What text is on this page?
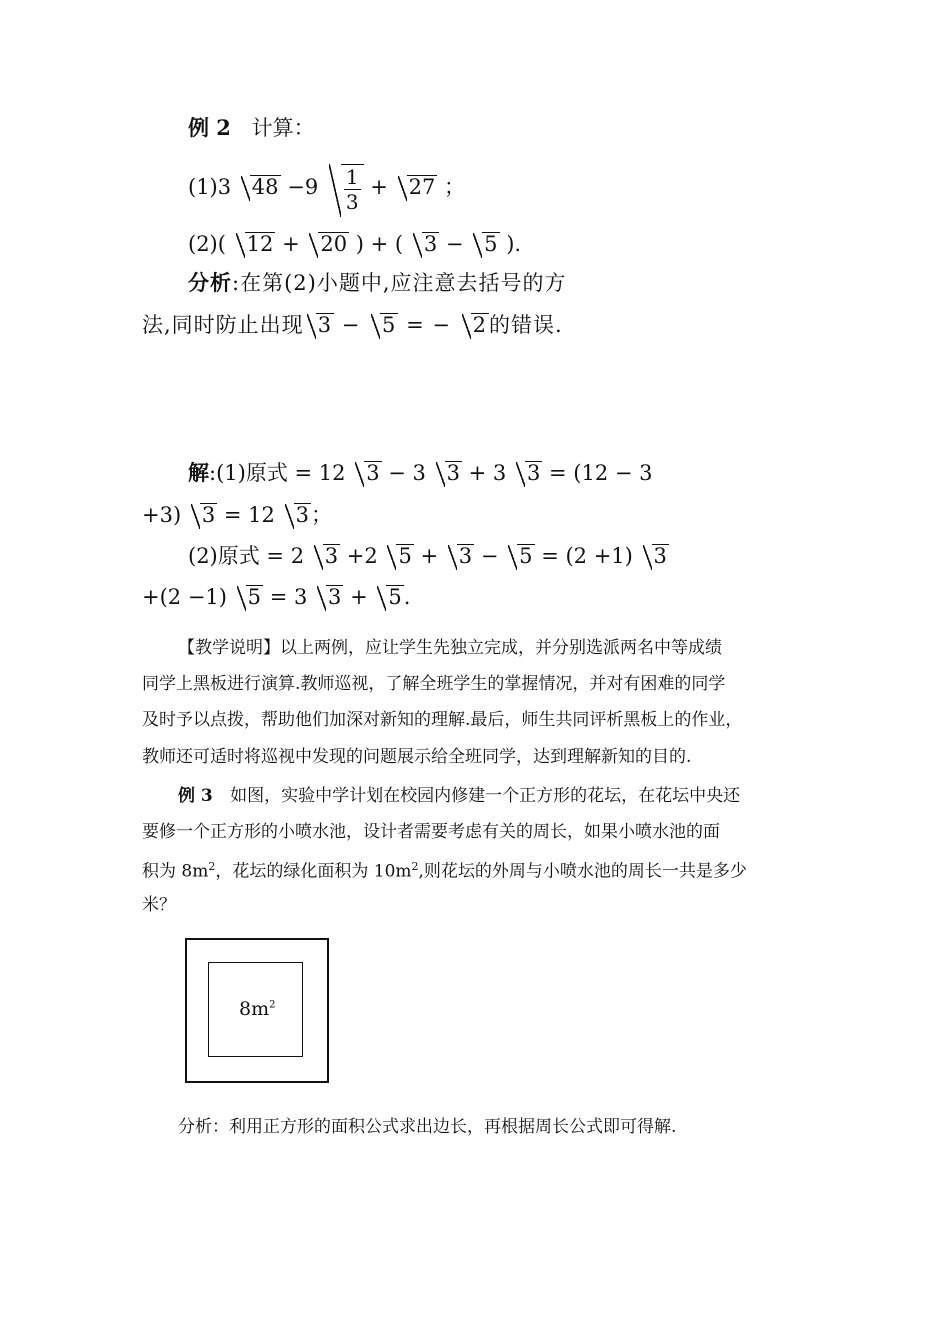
例 2 计算：
(1)3 $48 -9 \frac{1}{3} + 27$ ；
(2)( 12 + 20 ) + ( 3 − 5 ).
分析:在第(2)小题中,应注意去括号的方
法,同时防止出现 3 − 5 = − 2的错误.
解:(1)原式 = 12 3 − 3 3 + 3 3 = (12 − 3
+3) 3 = 12 3；
(2)原式 = 2 3 +2 5 + 3 − 5 = (2 +1) 3
+(2 −1) 5 = 3 3 + 5.
【教学说明】以上两例，应让学生先独立完成，并分别选派两名中等成绩
同学上黑板进行演算.教师巡视，了解全班学生的掌握情况，并对有困难的同学
及时予以点拨，帮助他们加深对新知的理解.最后，师生共同评析黑板上的作业，
教师还可适时将巡视中发现的问题展示给全班同学，达到理解新知的目的.
例 3 如图，实验中学计划在校园内修建一个正方形的花坛，在花坛中央还
要修一个正方形的小喷水池，设计者需要考虑有关的周长，如果小喷水池的面
积为 $8m^2$，花坛的绿化面积为 $10m^2$,则花坛的外周与小喷水池的周长一共是多少
米？
$8m^2$
分析：利用正方形的面积公式求出边长，再根据周长公式即可得解.
